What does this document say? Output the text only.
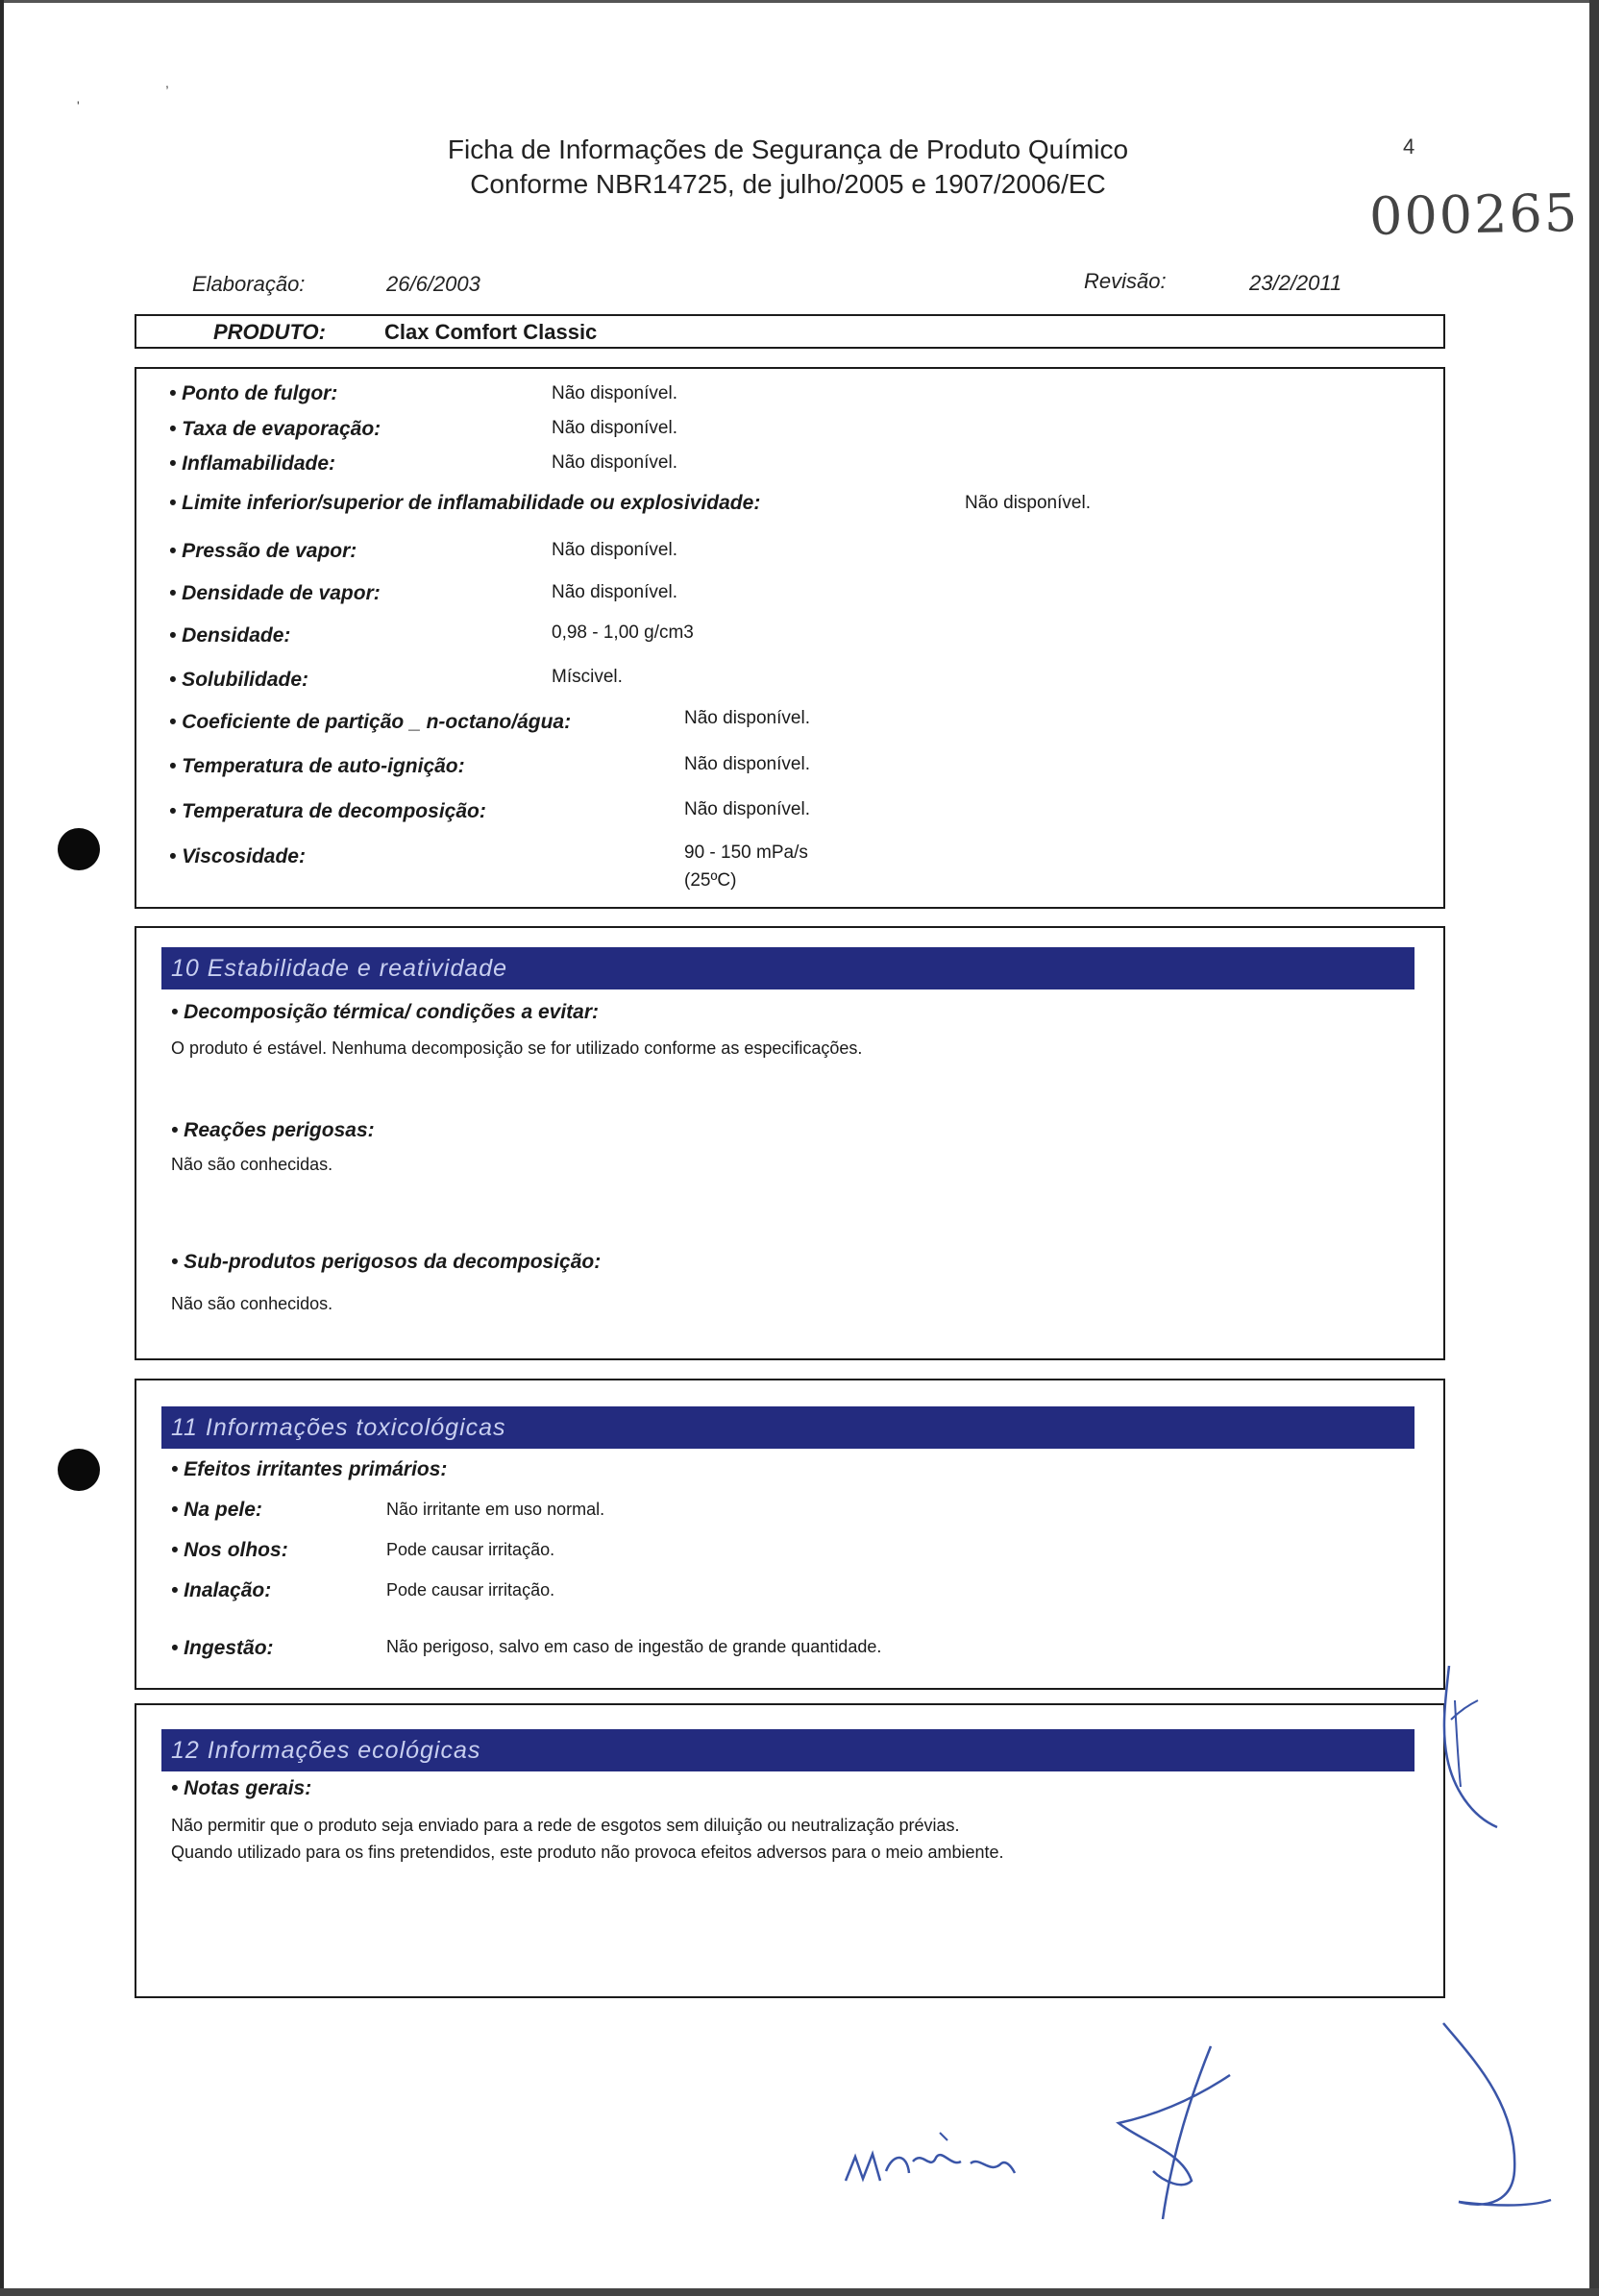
,
'
Ficha de Informações de Segurança de Produto Químico
Conforme NBR14725, de julho/2005 e 1907/2006/EC
4
000265
Elaboração:	26/6/2003	Revisão:	23/2/2011
PRODUTO:	Clax Comfort Classic
• Ponto de fulgor:	Não disponível.
• Taxa de evaporação:	Não disponível.
• Inflamabilidade:	Não disponível.
• Limite inferior/superior de inflamabilidade ou explosividade:	Não disponível.
• Pressão de vapor:	Não disponível.
• Densidade de vapor:	Não disponível.
• Densidade:	0,98 - 1,00 g/cm3
• Solubilidade:	Míscivel.
• Coeficiente de partição _ n-octano/água:	Não disponível.
• Temperatura de auto-ignição:	Não disponível.
• Temperatura de decomposição:	Não disponível.
• Viscosidade:	90 - 150 mPa/s
(25ºC)
10 Estabilidade e reatividade
• Decomposição térmica/ condições a evitar:
O produto é estável. Nenhuma decomposição se for utilizado conforme as especificações.
• Reações perigosas:
Não são conhecidas.
• Sub-produtos perigosos da decomposição:
Não são conhecidos.
11 Informações toxicológicas
• Efeitos irritantes primários:
• Na pele:	Não irritante em uso normal.
• Nos olhos:	Pode causar irritação.
• Inalação:	Pode causar irritação.
• Ingestão:	Não perigoso, salvo em caso de ingestão de grande quantidade.
12 Informações ecológicas
• Notas gerais:
Não permitir que o produto seja enviado para a rede de esgotos sem diluição ou neutralização prévias.
Quando utilizado para os fins pretendidos, este produto não provoca efeitos adversos para o meio ambiente.
